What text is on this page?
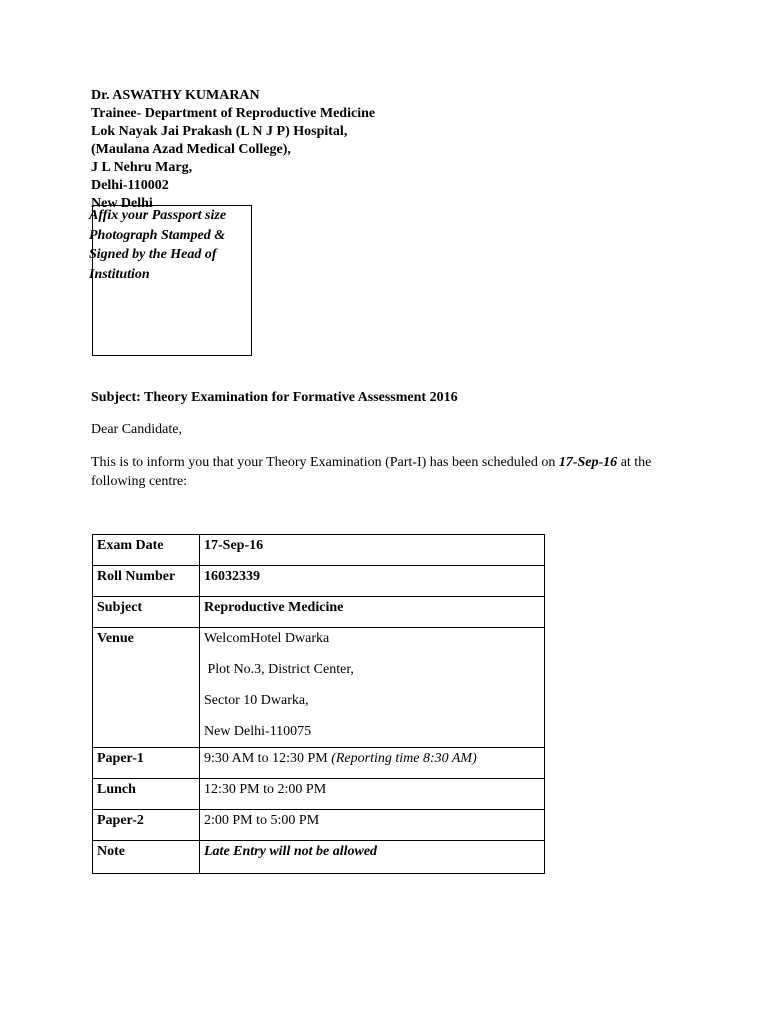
Dr. ASWATHY KUMARAN
Trainee- Department of Reproductive Medicine
Lok Nayak Jai Prakash (L N J P) Hospital,
(Maulana Azad Medical College),
J L Nehru Marg,
Delhi-110002
New Delhi
Affix your Passport size
Photograph Stamped &
Signed by the Head of
Institution
Subject: Theory Examination for Formative Assessment 2016
Dear Candidate,
This is to inform you that your Theory Examination (Part-I) has been scheduled on 17-Sep-16 at the following centre:
Exam Date	17-Sep-16
Roll Number	16032339
Subject	Reproductive Medicine
Venue	WelcomHotel Dwarka
Plot No.3, District Center,
Sector 10 Dwarka,
New Delhi-110075

Paper-1	9:30 AM to 12:30 PM (Reporting time 8:30 AM)
Lunch	12:30 PM to 2:00 PM
Paper-2	2:00 PM to 5:00 PM
Note	Late Entry will not be allowed
